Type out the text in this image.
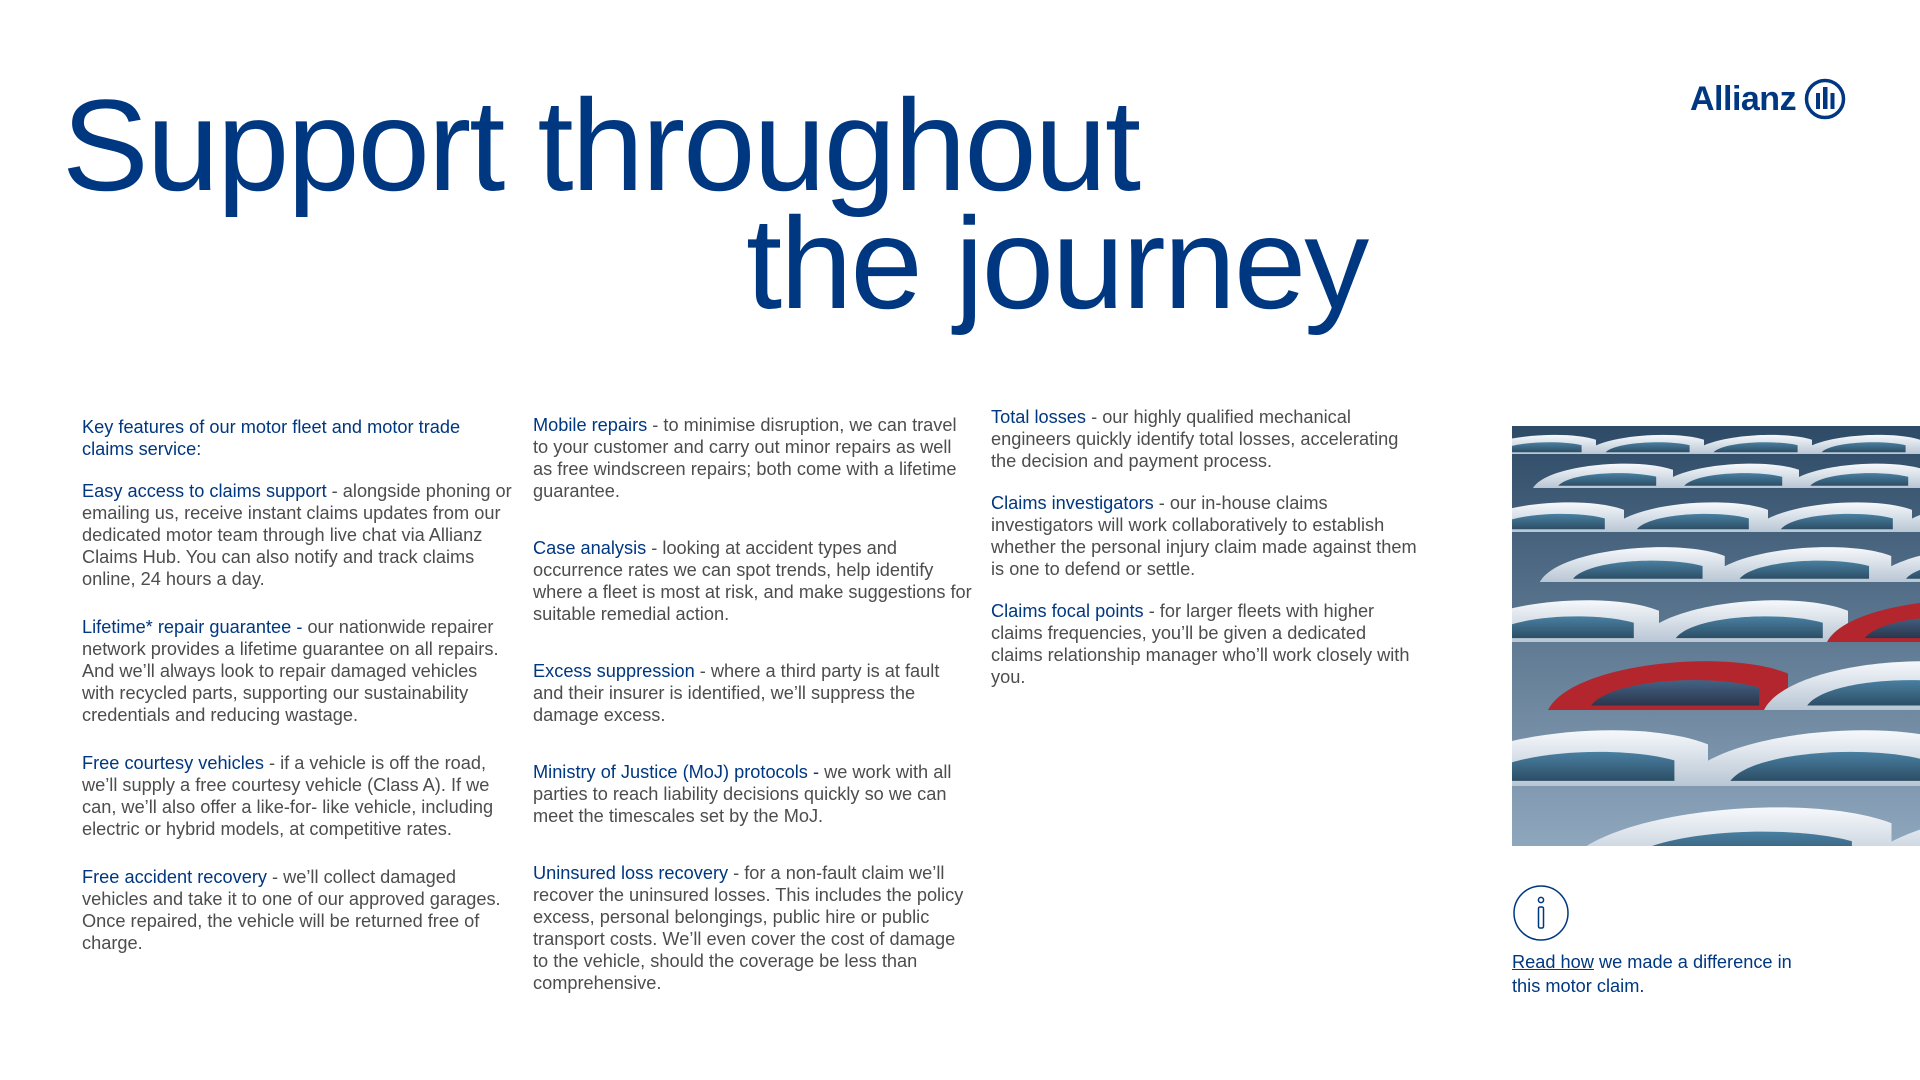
Support throughout
the journey
Allianz

Key features of our motor fleet and motor trade claims service:

Easy access to claims support - alongside phoning or emailing us, receive instant claims updates from our dedicated motor team through live chat via Allianz Claims Hub. You can also notify and track claims online, 24 hours a day.

Lifetime* repair guarantee - our nationwide repairer network provides a lifetime guarantee on all repairs. And we’ll always look to repair damaged vehicles with recycled parts, supporting our sustainability credentials and reducing wastage.

Free courtesy vehicles - if a vehicle is off the road, we’ll supply a free courtesy vehicle (Class A). If we can, we’ll also offer a like-for- like vehicle, including electric or hybrid models, at competitive rates.

Free accident recovery - we’ll collect damaged vehicles and take it to one of our approved garages. Once repaired, the vehicle will be returned free of charge.

Mobile repairs - to minimise disruption, we can travel to your customer and carry out minor repairs as well as free windscreen repairs; both come with a lifetime guarantee.

Case analysis - looking at accident types and occurrence rates we can spot trends, help identify where a fleet is most at risk, and make suggestions for suitable remedial action.

Excess suppression - where a third party is at fault and their insurer is identified, we’ll suppress the damage excess.

Ministry of Justice (MoJ) protocols - we work with all parties to reach liability decisions quickly so we can meet the timescales set by the MoJ.

Uninsured loss recovery - for a non-fault claim we’ll recover the uninsured losses. This includes the policy excess, personal belongings, public hire or public transport costs. We’ll even cover the cost of damage to the vehicle, should the coverage be less than comprehensive.

Total losses - our highly qualified mechanical engineers quickly identify total losses, accelerating the decision and payment process.

Claims investigators - our in-house claims investigators will work collaboratively to establish whether the personal injury claim made against them is one to defend or settle.

Claims focal points - for larger fleets with higher claims frequencies, you’ll be given a dedicated claims relationship manager who’ll work closely with you.

Read how we made a difference in this motor claim.
